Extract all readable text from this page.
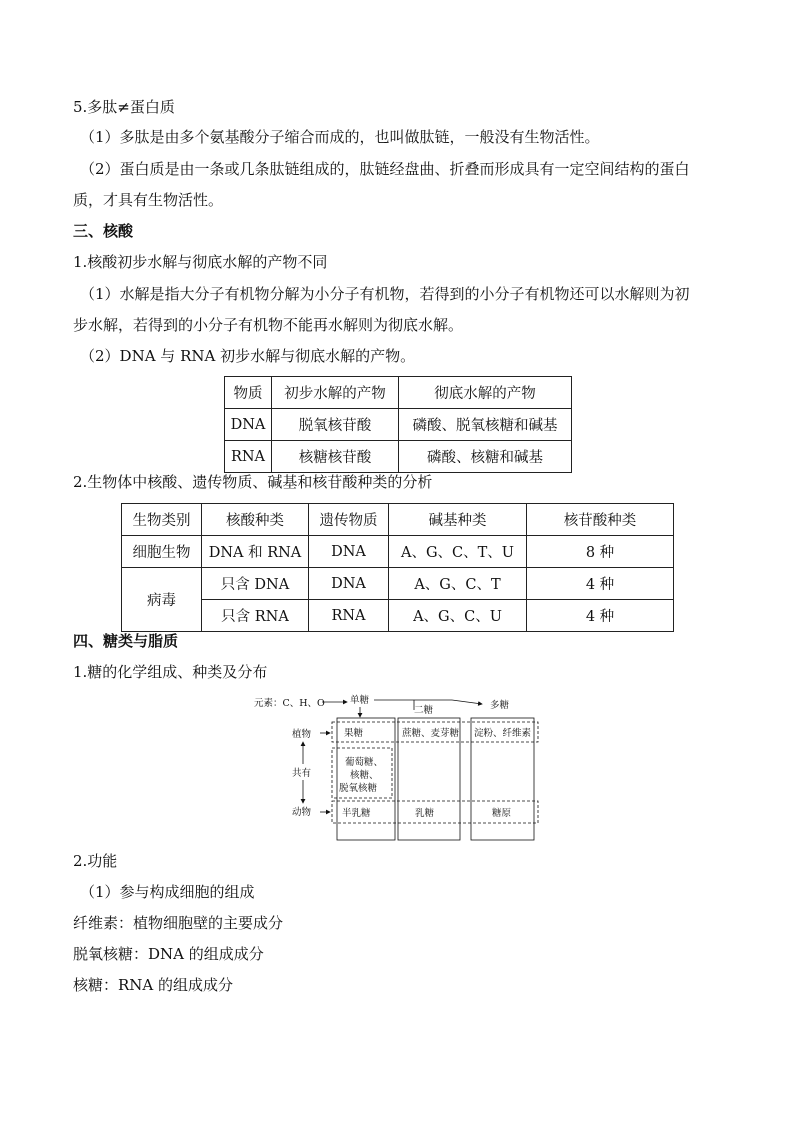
5.多肽≠蛋白质
（1）多肽是由多个氨基酸分子缩合而成的，也叫做肽链，一般没有生物活性。
（2）蛋白质是由一条或几条肽链组成的，肽链经盘曲、折叠而形成具有一定空间结构的蛋白
质，才具有生物活性。
三、核酸
1.核酸初步水解与彻底水解的产物不同
（1）水解是指大分子有机物分解为小分子有机物，若得到的小分子有机物还可以水解则为初
步水解，若得到的小分子有机物不能再水解则为彻底水解。
（2）DNA 与 RNA 初步水解与彻底水解的产物。
物质	初步水解的产物	彻底水解的产物
DNA	脱氧核苷酸	磷酸、脱氧核糖和碱基
RNA	核糖核苷酸	磷酸、核糖和碱基
2.生物体中核酸、遗传物质、碱基和核苷酸种类的分析
生物类别	核酸种类	遗传物质	碱基种类	核苷酸种类
细胞生物	DNA 和 RNA	DNA	A、G、C、T、U	8 种
病毒	只含 DNA	DNA	A、G、C、T	4 种
	只含 RNA	RNA	A、G、C、U	4 种
四、糖类与脂质
1.糖的化学组成、种类及分布
元素：C、H、O	单糖
二糖	多糖
植物
共有
动物
果糖	蔗糖、麦芽糖 淀粉、纤维素
葡萄糖、
核糖、
脱氧核糖
半乳糖	乳糖	糖原
2.功能
（1）参与构成细胞的组成
纤维素：植物细胞壁的主要成分
脱氧核糖：DNA 的组成成分
核糖：RNA 的组成成分
